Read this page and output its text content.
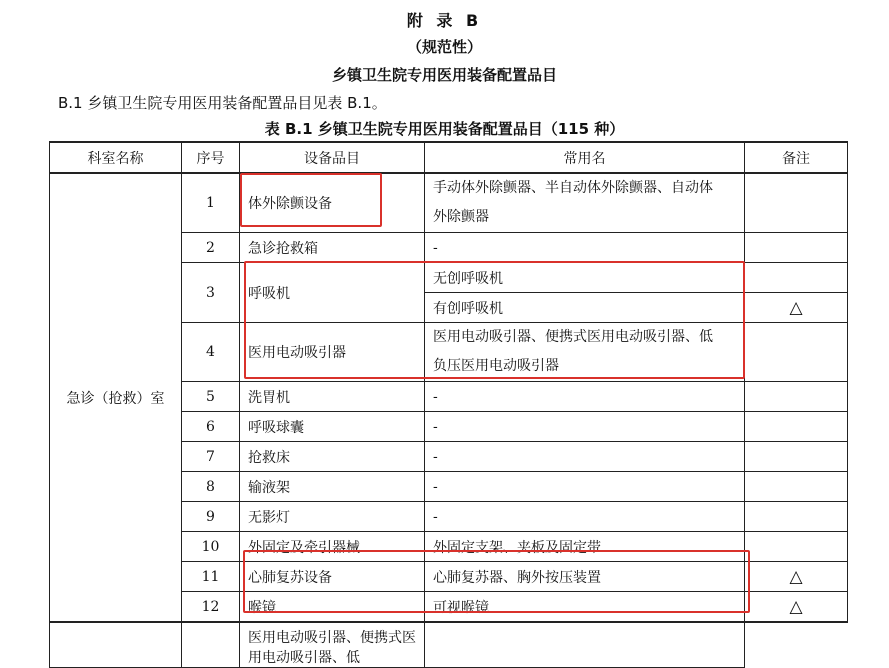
附 录 B
（规范性）
乡镇卫生院专用医用装备配置品目
B.1 乡镇卫生院专用医用装备配置品目见表 B.1。
表 B.1 乡镇卫生院专用医用装备配置品目（115 种）
科室名称	序号	设备品目	常用名	备注
急诊（抢救）室	1	体外除颤设备	手动体外除颤器、半自动体外除颤器、自动体
外除颤器	
	2	急诊抢救箱	-	
	3	呼吸机	无创呼吸机	
			有创呼吸机	△
	4	医用电动吸引器	医用电动吸引器、便携式医用电动吸引器、低
负压医用电动吸引器	
	5	洗胃机	-	
	6	呼吸球囊	-	
	7	抢救床	-	
	8	输液架	-	
	9	无影灯	-	
	10	外固定及牵引器械	外固定支架、夹板及固定带	
	11	心肺复苏设备	心肺复苏器、胸外按压装置	△
	12	喉镜	可视喉镜	△
		医用电动吸引器、便携式医用电动吸引器、低		
